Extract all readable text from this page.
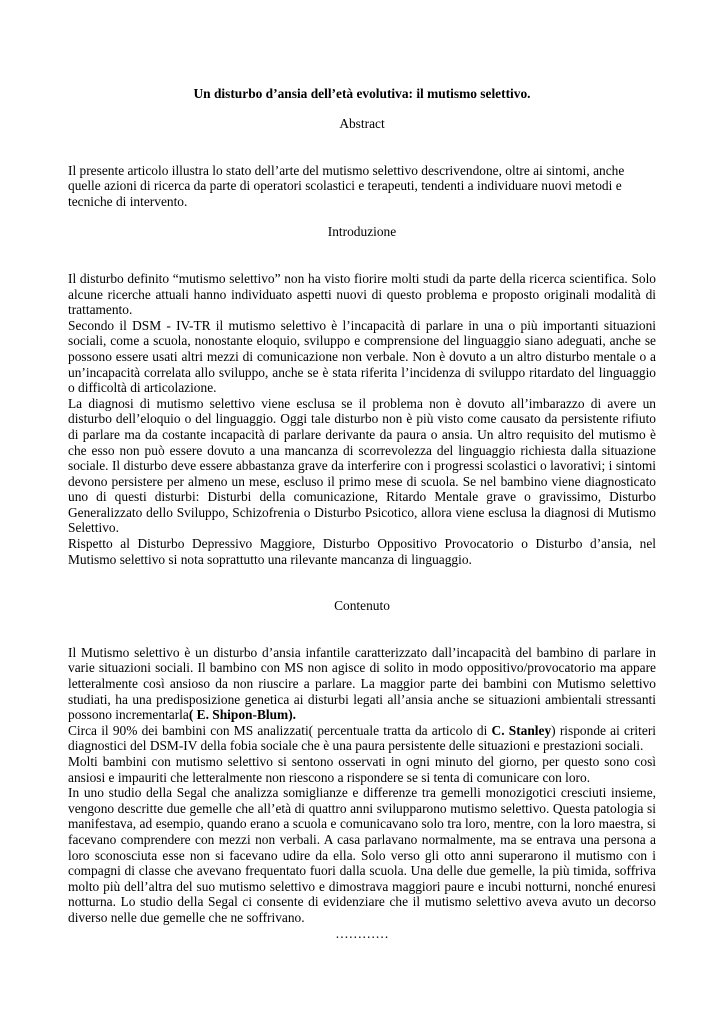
Un disturbo d’ansia dell’età evolutiva: il mutismo selettivo.
Abstract

Il presente articolo illustra lo stato dell’arte del mutismo selettivo descrivendone, oltre ai sintomi, anche quelle azioni di ricerca da parte di operatori scolastici e terapeuti, tendenti a individuare nuovi metodi e tecniche di intervento.

Introduzione

Il disturbo definito “mutismo selettivo” non ha visto fiorire molti studi da parte della ricerca scientifica. Solo alcune ricerche attuali hanno individuato aspetti nuovi di questo problema e proposto originali modalità di trattamento.

Secondo il DSM - IV-TR il mutismo selettivo è l’incapacità di parlare in una o più importanti situazioni sociali, come a scuola, nonostante eloquio, sviluppo e comprensione del linguaggio siano adeguati, anche se possono essere usati altri mezzi di comunicazione non verbale. Non è dovuto a un altro disturbo mentale o a un’incapacità correlata allo sviluppo, anche se è stata riferita l’incidenza di sviluppo ritardato del linguaggio o difficoltà di articolazione.

La diagnosi di mutismo selettivo viene esclusa se il problema non è dovuto all’imbarazzo di avere un disturbo dell’eloquio o del linguaggio. Oggi tale disturbo non è più visto come causato da persistente rifiuto di parlare ma da costante incapacità di parlare derivante da paura o ansia. Un altro requisito del mutismo è che esso non può essere dovuto a una mancanza di scorrevolezza del linguaggio richiesta dalla situazione sociale. Il disturbo deve essere abbastanza grave da interferire con i progressi scolastici o lavorativi; i sintomi devono persistere per almeno un mese, escluso il primo mese di scuola. Se nel bambino viene diagnosticato uno di questi disturbi: Disturbi della comunicazione, Ritardo Mentale grave o gravissimo, Disturbo Generalizzato dello Sviluppo, Schizofrenia o Disturbo Psicotico, allora viene esclusa la diagnosi di Mutismo Selettivo.

Rispetto al Disturbo Depressivo Maggiore, Disturbo Oppositivo Provocatorio o Disturbo d’ansia, nel Mutismo selettivo si nota soprattutto una rilevante mancanza di linguaggio.

Contenuto

Il Mutismo selettivo è un disturbo d’ansia infantile caratterizzato dall’incapacità del bambino di parlare in varie situazioni sociali. Il bambino con MS non agisce di solito in modo oppositivo/provocatorio ma appare letteralmente così ansioso da non riuscire a parlare. La maggior parte dei bambini con Mutismo selettivo studiati, ha una predisposizione genetica ai disturbi legati all’ansia anche se situazioni ambientali stressanti possono incrementarla( E. Shipon-Blum).

Circa il 90% dei bambini con MS analizzati( percentuale tratta da articolo di C. Stanley) risponde ai criteri diagnostici del DSM-IV della fobia sociale che è una paura persistente delle situazioni e prestazioni sociali.

Molti bambini con mutismo selettivo si sentono osservati in ogni minuto del giorno, per questo sono così ansiosi e impauriti che letteralmente non riescono a rispondere se si tenta di comunicare con loro.

In uno studio della Segal che analizza somiglianze e differenze tra gemelli monozigotici cresciuti insieme, vengono descritte due gemelle che all’età di quattro anni svilupparono mutismo selettivo. Questa patologia si manifestava, ad esempio, quando erano a scuola e comunicavano solo tra loro, mentre, con la loro maestra, si facevano comprendere con mezzi non verbali. A casa parlavano normalmente, ma se entrava una persona a loro sconosciuta esse non si facevano udire da ella. Solo verso gli otto anni superarono il mutismo con i compagni di classe che avevano frequentato fuori dalla scuola. Una delle due gemelle, la più timida, soffriva molto più dell’altra del suo mutismo selettivo e dimostrava maggiori paure e incubi notturni, nonché enuresi notturna. Lo studio della Segal ci consente di evidenziare che il mutismo selettivo aveva avuto un decorso diverso nelle due gemelle che ne soffrivano.

…………
